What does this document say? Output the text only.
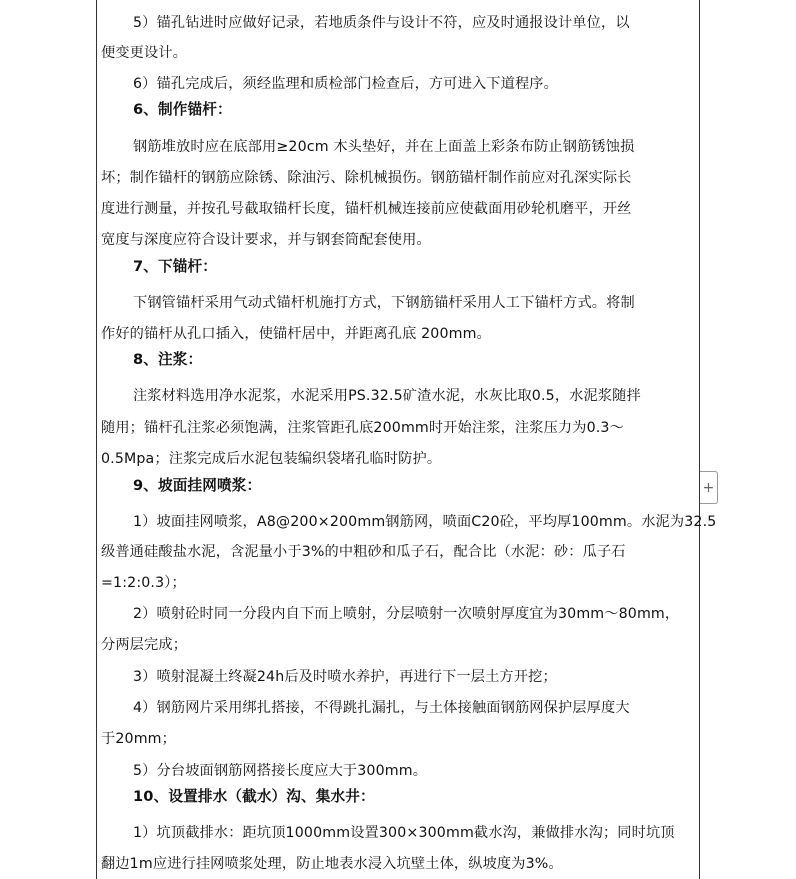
5）锚孔钻进时应做好记录，若地质条件与设计不符，应及时通报设计单位，以
便变更设计。
6）锚孔完成后，须经监理和质检部门检查后，方可进入下道程序。
6、制作锚杆：
钢筋堆放时应在底部用≥20cm 木头垫好，并在上面盖上彩条布防止钢筋锈蚀损
坏；制作锚杆的钢筋应除锈、除油污、除机械损伤。钢筋锚杆制作前应对孔深实际长
度进行测量，并按孔号截取锚杆长度，锚杆机械连接前应使截面用砂轮机磨平，开丝
宽度与深度应符合设计要求，并与钢套筒配套使用。
7、下锚杆：
下钢管锚杆采用气动式锚杆机施打方式，下钢筋锚杆采用人工下锚杆方式。将制
作好的锚杆从孔口插入，使锚杆居中，并距离孔底 200mm。
8、注浆：
注浆材料选用净水泥浆，水泥采用PS.32.5矿渣水泥，水灰比取0.5，水泥浆随拌
随用；锚杆孔注浆必须饱满，注浆管距孔底200mm时开始注浆，注浆压力为0.3～
0.5Mpa；注浆完成后水泥包装编织袋堵孔临时防护。
9、坡面挂网喷浆：
1）坡面挂网喷浆，A8@200×200mm钢筋网，喷面C20砼，平均厚100mm。水泥为32.5
级普通硅酸盐水泥，含泥量小于3%的中粗砂和瓜子石，配合比（水泥：砂：瓜子石
=1:2:0.3）；
2）喷射砼时同一分段内自下而上喷射，分层喷射一次喷射厚度宜为30mm～80mm，
分两层完成；
3）喷射混凝土终凝24h后及时喷水养护，再进行下一层土方开挖；
4）钢筋网片采用绑扎搭接，不得跳扎漏扎，与土体接触面钢筋网保护层厚度大
于20mm；
5）分台坡面钢筋网搭接长度应大于300mm。
10、设置排水（截水）沟、集水井：
1）坑顶截排水：距坑顶1000mm设置300×300mm截水沟，兼做排水沟；同时坑顶
翻边1m应进行挂网喷浆处理，防止地表水浸入坑壁土体，纵坡度为3%。
+
